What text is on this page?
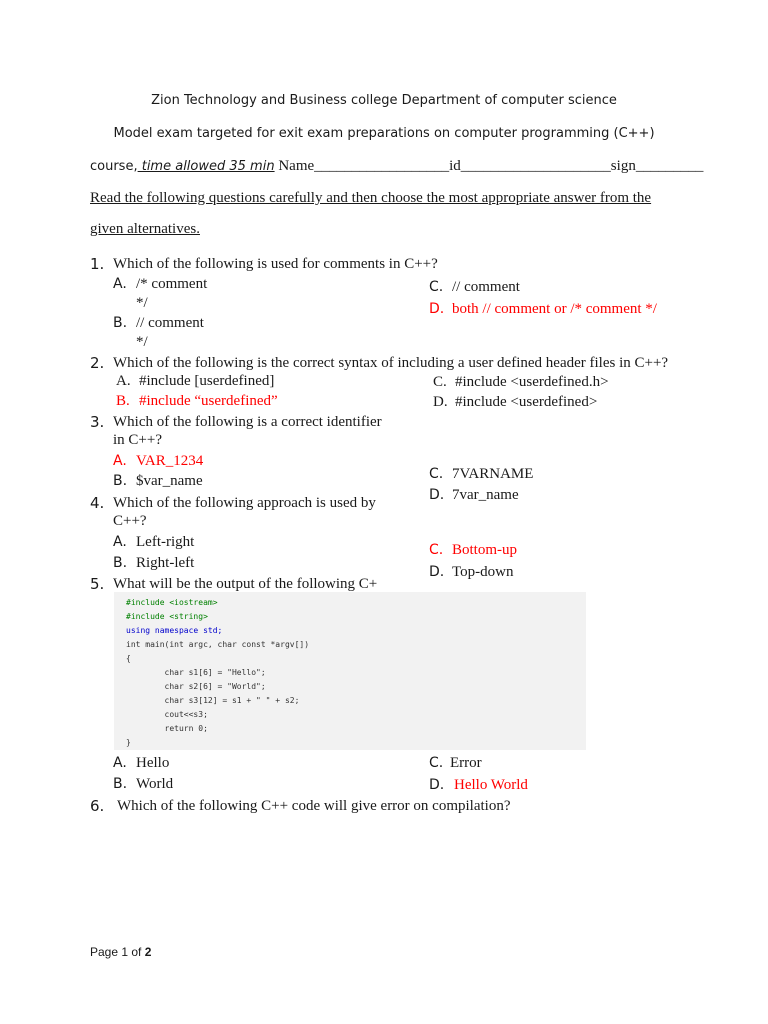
Zion Technology and Business college Department of computer science
Model exam targeted for exit exam preparations on computer programming (C++)
course, time allowed 35 min Name__________________id____________________sign_________
Read the following questions carefully and then choose the most appropriate answer from the
given alternatives.
1. Which of the following is used for comments in C++?
A. /* comment
*/
B. // comment
*/
C. // comment
D. both // comment or /* comment */
2. Which of the following is the correct syntax of including a user defined header files in C++?
A. #include [userdefined]
B. #include “userdefined”
C. #include <userdefined.h>
D. #include <userdefined>
3. Which of the following is a correct identifier
in C++?
A. VAR_1234
B. $var_name	C. 7VARNAME
D. 7var_name
4. Which of the following approach is used by
C++?
A. Left-right
B. Right-left
C. Bottom-up
D. Top-down
5. What will be the output of the following C+
#include <iostream>
#include <string>
using namespace std;
int main(int argc, char const *argv[])
{
char s1[6] = "Hello";
char s2[6] = "World";
char s3[12] = s1 + " " + s2;
cout<<s3;
return 0;
}
A. Hello
B. World
C. Error
D. Hello World
6. Which of the following C++ code will give error on compilation?
Page 1 of 2
